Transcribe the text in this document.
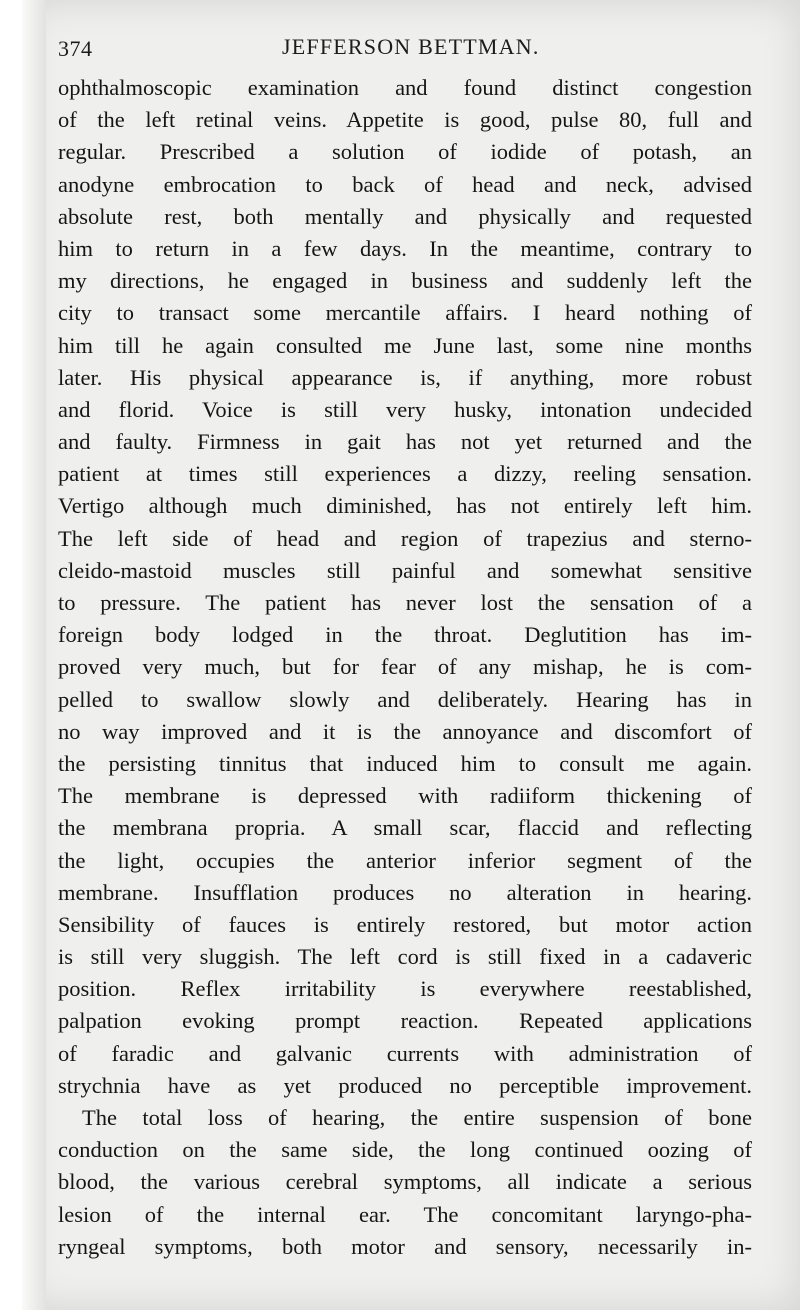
374	JEFFERSON BETTMAN.
ophthalmoscopic examination and found distinct congestion
of the left retinal veins. Appetite is good, pulse 80, full and
regular. Prescribed a solution of iodide of potash, an
anodyne embrocation to back of head and neck, advised
absolute rest, both mentally and physically and requested
him to return in a few days. In the meantime, contrary to
my directions, he engaged in business and suddenly left the
city to transact some mercantile affairs. I heard nothing of
him till he again consulted me June last, some nine months
later. His physical appearance is, if anything, more robust
and florid. Voice is still very husky, intonation undecided
and faulty. Firmness in gait has not yet returned and the
patient at times still experiences a dizzy, reeling sensation.
Vertigo although much diminished, has not entirely left him.
The left side of head and region of trapezius and sterno-
cleido-mastoid muscles still painful and somewhat sensitive
to pressure. The patient has never lost the sensation of a
foreign body lodged in the throat. Deglutition has im-
proved very much, but for fear of any mishap, he is com-
pelled to swallow slowly and deliberately. Hearing has in
no way improved and it is the annoyance and discomfort of
the persisting tinnitus that induced him to consult me again.
The membrane is depressed with radiiform thickening of
the membrana propria. A small scar, flaccid and reflecting
the light, occupies the anterior inferior segment of the
membrane. Insufflation produces no alteration in hearing.
Sensibility of fauces is entirely restored, but motor action
is still very sluggish. The left cord is still fixed in a cadaveric
position. Reflex irritability is everywhere reestablished,
palpation evoking prompt reaction. Repeated applications
of faradic and galvanic currents with administration of
strychnia have as yet produced no perceptible improvement.
The total loss of hearing, the entire suspension of bone
conduction on the same side, the long continued oozing of
blood, the various cerebral symptoms, all indicate a serious
lesion of the internal ear. The concomitant laryngo-pha-
ryngeal symptoms, both motor and sensory, necessarily in-
